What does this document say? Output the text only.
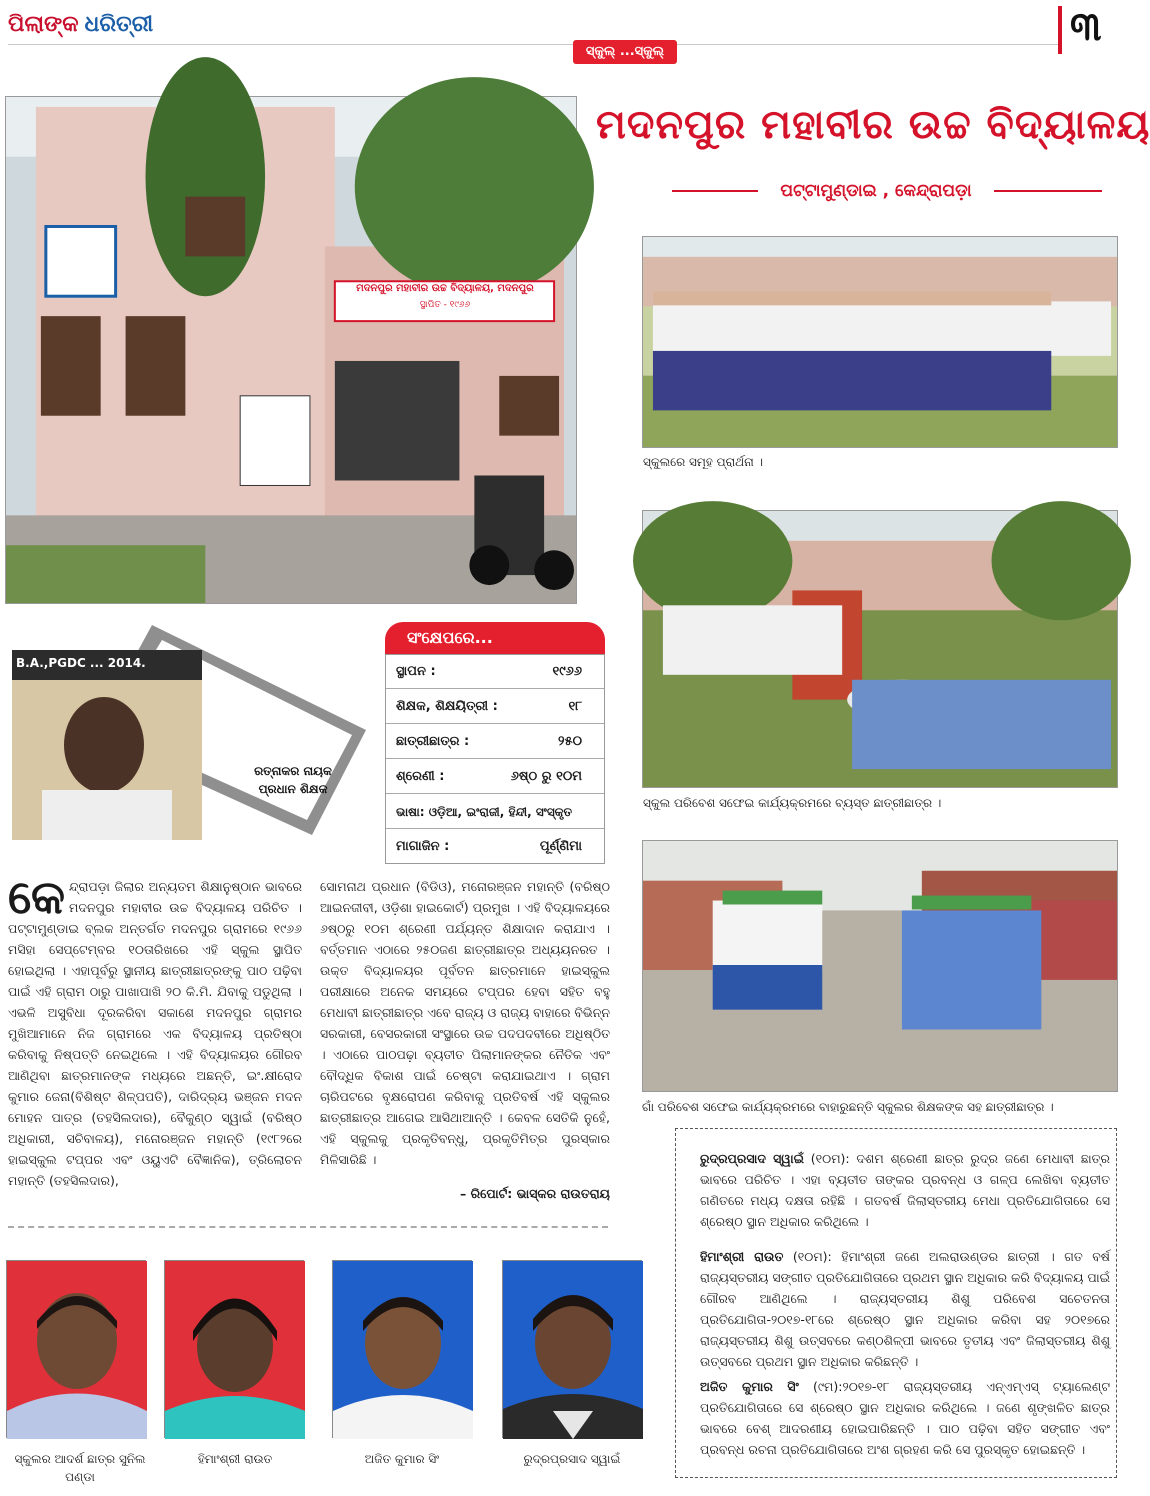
ପିଲାଙ୍କ ଧରିତ୍ରୀ	୩
ସ୍କୁଲ୍ ...ସ୍କୁଲ୍
ମଦନପୁର ମହାବୀର ଉଚ୍ଚ ବିଦ୍ୟାଳୟ
ପଟ୍ଟାମୁଣ୍ଡାଇ , କେନ୍ଦ୍ରାପଡ଼ା
ମଦନପୁର ମହାବୀର ଉଚ୍ଚ ବିଦ୍ୟାଳୟ, ମଦନପୁର
ସ୍ଥାପିତ - ୧୯୬୬
ସ୍କୁଲରେ ସମୂହ ପ୍ରାର୍ଥନା ।
ସ୍କୁଲ ପରିବେଶ ସଫେଇ କାର୍ଯ୍ୟକ୍ରମରେ ବ୍ୟସ୍ତ ଛାତ୍ରୀଛାତ୍ର ।
ଗାଁ ପରିବେଶ ସଫେଇ କାର୍ଯ୍ୟକ୍ରମରେ ବାହାରୁଛନ୍ତି ସ୍କୁଲର ଶିକ୍ଷକଙ୍କ ସହ ଛାତ୍ରୀଛାତ୍ର ।
B.A.,PGDC ... 2014.
ରତ୍ନାକର ନାୟକ
ପ୍ରଧାନ ଶିକ୍ଷକ
ସଂକ୍ଷେପରେ...
ସ୍ଥାପନ :	୧୯୬୬
ଶିକ୍ଷକ, ଶିକ୍ଷୟିତ୍ରୀ :	୧୮
ଛାତ୍ରୀଛାତ୍ର :	୨୫୦
ଶ୍ରେଣୀ :	୬ଷ୍ଠ ରୁ ୧୦ମ
ଭାଷା: ଓଡ଼ିଆ, ଇଂରାଜୀ, ହିନ୍ଦୀ, ସଂସ୍କୃତ
ମାଗାଜିନ :	ପୂର୍ଣ୍ଣିମା
କେନ୍ଦ୍ରାପଡ଼ା ଜିଲାର ଅନ୍ୟତମ ଶିକ୍ଷାନୁଷ୍ଠାନ ଭାବରେ ମଦନପୁର ମହାବୀର ଉଚ୍ଚ ବିଦ୍ୟାଳୟ ପରିଚିତ । ପଟ୍ଟାମୁଣ୍ଡାଇ ବ୍ଲକ ଅନ୍ତର୍ଗତ ମଦନପୁର ଗ୍ରାମରେ ୧୯୬୬ ମସିହା ସେପ୍ଟେମ୍ବର ୧୦ତାରିଖରେ ଏହି ସ୍କୁଲ ସ୍ଥାପିତ ହୋଇଥିଲା । ଏହାପୂର୍ବରୁ ସ୍ଥାନୀୟ ଛାତ୍ରୀଛାତ୍ରଙ୍କୁ ପାଠ ପଢ଼ିବା ପାଇଁ ଏହି ଗ୍ରାମ ଠାରୁ ପାଖାପାଖି ୨୦ କି.ମି. ଯିବାକୁ ପଡୁଥିଲା । ଏଭଳି ଅସୁବିଧା ଦୂରକରିବା ସକାଶେ ମଦନପୁର ଗ୍ରାମର ମୁଖିଆମାନେ ନିଜ ଗ୍ରାମରେ ଏକ ବିଦ୍ୟାଳୟ ପ୍ରତିଷ୍ଠା କରିବାକୁ ନିଷ୍ପତ୍ତି ନେଇଥିଲେ । ଏହି ବିଦ୍ୟାଳୟର ଗୌରବ ଆଣିଥିବା ଛାତ୍ରମାନଙ୍କ ମଧ୍ୟରେ ଅଛନ୍ତି, ଇଂ.କ୍ଷୀରୋଦ କୁମାର ଜେନା(ବିଶିଷ୍ଟ ଶିଳ୍ପପତି), ଦାରିଦ୍ର୍ୟ ଭଞ୍ଜନ ମଦନ ମୋହନ ପାତ୍ର (ତହସିଲଦାର), ବୈକୁଣ୍ଠ ସ୍ୱାଇଁ (ବରିଷ୍ଠ ଅଧିକାରୀ, ସଚିବାଳୟ), ମନୋରଞ୍ଜନ ମହାନ୍ତି (୧୯୮୨ରେ ହାଇସ୍କୁଲ ଟପ୍ପର ଏବଂ ଓୟୁଏଟି ବୈଜ୍ଞାନିକ), ତ୍ରିଲୋଚନ ମହାନ୍ତି (ତହସିଲଦାର),
ସୋମନାଥ ପ୍ରଧାନ (ବିଡିଓ), ମନୋରଞ୍ଜନ ମହାନ୍ତି (ବରିଷ୍ଠ ଆଇନଜୀବୀ, ଓଡ଼ିଶା ହାଇକୋର୍ଟ) ପ୍ରମୁଖ । ଏହି ବିଦ୍ୟାଳୟରେ ୬ଷ୍ଠରୁ ୧୦ମ ଶ୍ରେଣୀ ପର୍ଯ୍ୟନ୍ତ ଶିକ୍ଷାଦାନ କରାଯାଏ । ବର୍ତ୍ତମାନ ଏଠାରେ ୨୫୦ଜଣ ଛାତ୍ରୀଛାତ୍ର ଅଧ୍ୟୟନରତ । ଉକ୍ତ ବିଦ୍ୟାଳୟର ପୂର୍ବତନ ଛାତ୍ରମାନେ ହାଇସ୍କୁଲ ପରୀକ୍ଷାରେ ଅନେକ ସମୟରେ ଟପ୍ପର ହେବା ସହିତ ବହୁ ମେଧାବୀ ଛାତ୍ରୀଛାତ୍ର ଏବେ ରାଜ୍ୟ ଓ ରାଜ୍ୟ ବାହାରେ ବିଭିନ୍ନ ସରକାରୀ, ବେସରକାରୀ ସଂସ୍ଥାରେ ଉଚ୍ଚ ପଦପଦବୀରେ ଅଧିଷ୍ଠିତ । ଏଠାରେ ପାଠପଢ଼ା ବ୍ୟତୀତ ପିଲାମାନଙ୍କର ନୈତିକ ଏବଂ ବୌଦ୍ଧିକ ବିକାଶ ପାଇଁ ଚେଷ୍ଟା କରାଯାଇଥାଏ । ଗ୍ରାମ ଚାରିପଟରେ ବୃକ୍ଷରୋପଣ କରିବାକୁ ପ୍ରତିବର୍ଷ ଏହି ସ୍କୁଲର ଛାତ୍ରୀଛାତ୍ର ଆଗେଇ ଆସିଥାଆନ୍ତି । କେବଳ ସେତିକି ନୁହେଁ, ଏହି ସ୍କୁଲକୁ ପ୍ରକୃତିବନ୍ଧୁ, ପ୍ରକୃତିମିତ୍ର ପୁରସ୍କାର ମିଳିସାରିଛି ।
– ରିପୋର୍ଟ: ଭାସ୍କର ରାଉତରାୟ
ରୁଦ୍ରପ୍ରସାଦ ସ୍ୱାଇଁ (୧୦ମ): ଦଶମ ଶ୍ରେଣୀ ଛାତ୍ର ରୁଦ୍ର ଜଣେ ମେଧାବୀ ଛାତ୍ର ଭାବରେ ପରିଚିତ । ଏହା ବ୍ୟତୀତ ତାଙ୍କର ପ୍ରବନ୍ଧ ଓ ଗଳ୍ପ ଲେଖିବା ବ୍ୟତୀତ ଗଣିତରେ ମଧ୍ୟ ଦକ୍ଷତା ରହିଛି । ଗତବର୍ଷ ଜିଲାସ୍ତରୀୟ ମେଧା ପ୍ରତିଯୋଗିତାରେ ସେ ଶ୍ରେଷ୍ଠ ସ୍ଥାନ ଅଧିକାର କରିଥିଲେ ।
ହିମାଂଶ୍ରୀ ରାଉତ (୧୦ମ): ହିମାଂଶ୍ରୀ ଜଣେ ଅଲରାଉଣ୍ଡର ଛାତ୍ରୀ । ଗତ ବର୍ଷ ରାଜ୍ୟସ୍ତରୀୟ ସଙ୍ଗୀତ ପ୍ରତିଯୋଗିତାରେ ପ୍ରଥମ ସ୍ଥାନ ଅଧିକାର କରି ବିଦ୍ୟାଳୟ ପାଇଁ ଗୌରବ ଆଣିଥିଲେ । ରାଜ୍ୟସ୍ତରୀୟ ଶିଶୁ ପରିବେଶ ସଚେତନତା ପ୍ରତିଯୋଗିତା-୨୦୧୭-୧୮ରେ ଶ୍ରେଷ୍ଠ ସ୍ଥାନ ଅଧିକାର କରିବା ସହ ୨୦୧୭ରେ ରାଜ୍ୟସ୍ତରୀୟ ଶିଶୁ ଉତ୍ସବରେ କଣ୍ଠଶିଳ୍ପୀ ଭାବରେ ତୃତୀୟ ଏବଂ ଜିଲାସ୍ତରୀୟ ଶିଶୁ ଉତ୍ସବରେ ପ୍ରଥମ ସ୍ଥାନ ଅଧିକାର କରିଛନ୍ତି ।
ଅଜିତ କୁମାର ସିଂ (୯ମ):୨୦୧୭-୧୮ ରାଜ୍ୟସ୍ତରୀୟ ଏନ୍‌ଏମ୍‌ଏସ୍ ଟ୍ୟାଲେଣ୍ଟ ପ୍ରତିଯୋଗିତାରେ ସେ ଶ୍ରେଷ୍ଠ ସ୍ଥାନ ଅଧିକାର କରିଥିଲେ । ଜଣେ ଶୃଙ୍ଖଳିତ ଛାତ୍ର ଭାବରେ ବେଶ୍ ଆଦରଣୀୟ ହୋଇପାରିଛନ୍ତି । ପାଠ ପଢ଼ିବା ସହିତ ସଙ୍ଗୀତ ଏବଂ ପ୍ରବନ୍ଧ ରଚନା ପ୍ରତିଯୋଗିତାରେ ଅଂଶ ଗ୍ରହଣ କରି ସେ ପୁରସ୍କୃତ ହୋଇଛନ୍ତି ।
ସ୍କୁଲର ଆଦର୍ଶ ଛାତ୍ର ସୁନିଲ ପଣ୍ଡା
ହିମାଂଶ୍ରୀ ରାଉତ	ଅଜିତ କୁମାର ସିଂ	ରୁଦ୍ରପ୍ରସାଦ ସ୍ୱାଇଁ
